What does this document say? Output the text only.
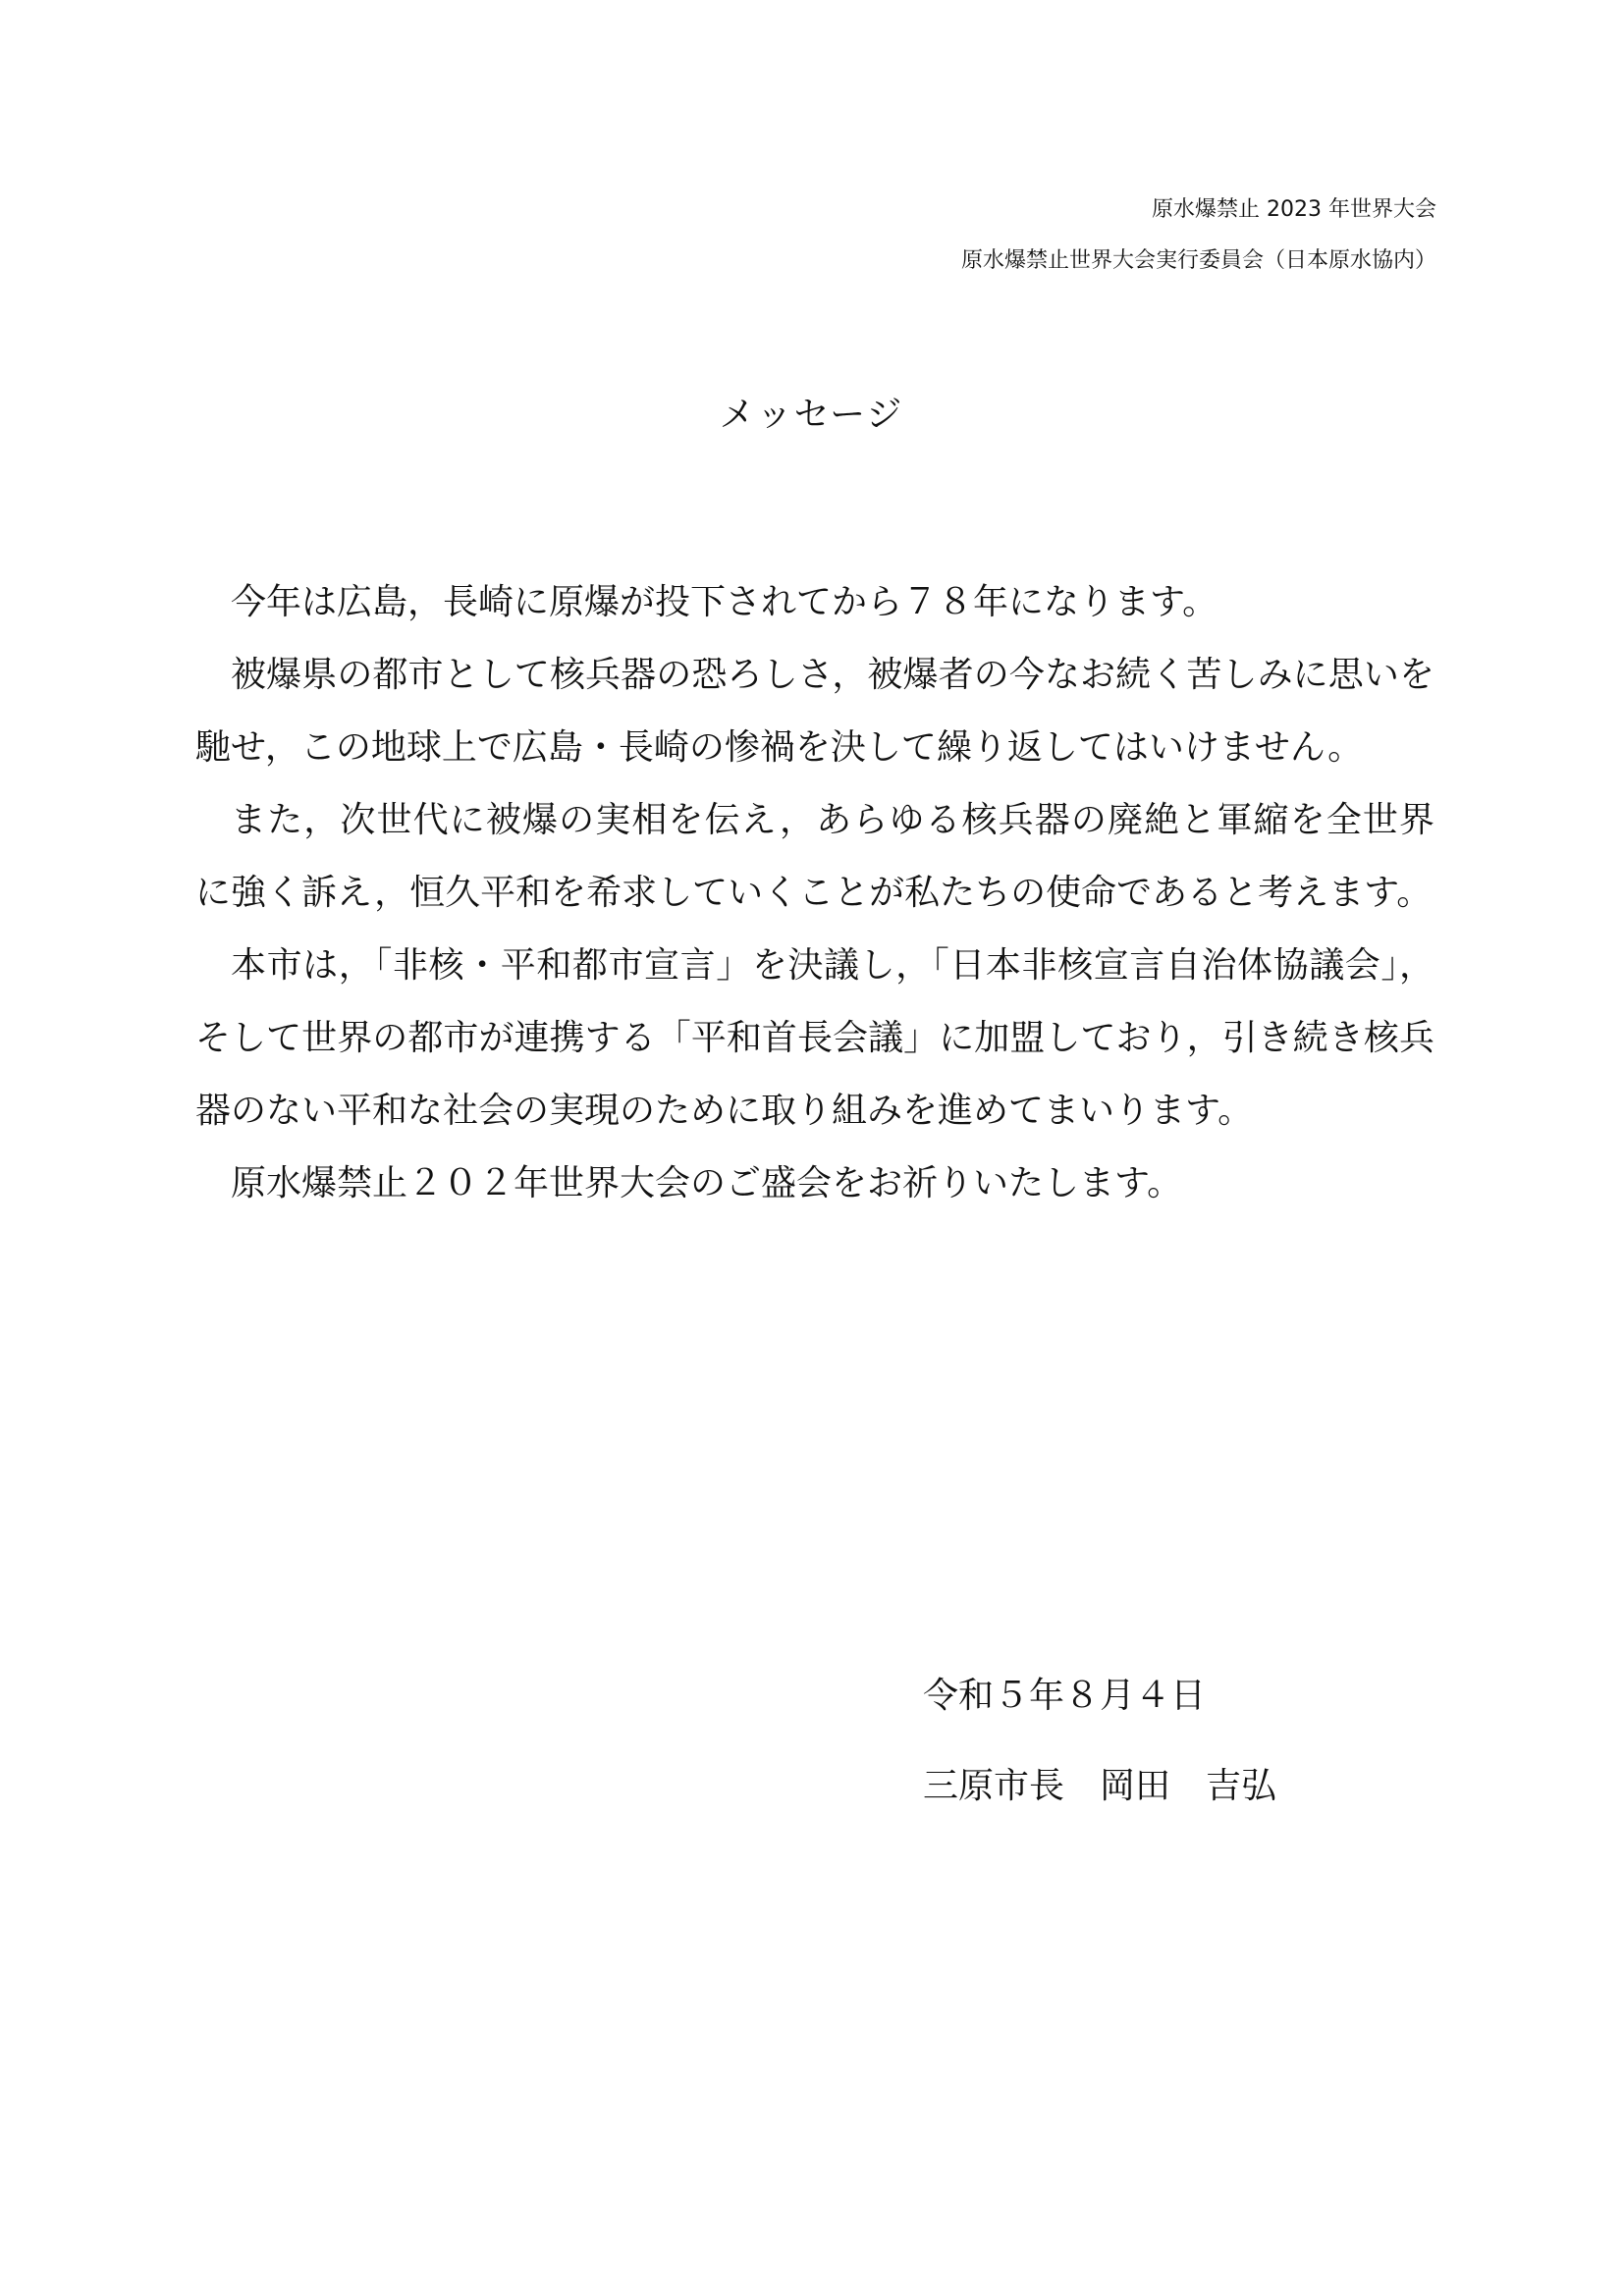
原水爆禁止 2023 年世界大会
原水爆禁止世界大会実行委員会（日本原水協内）
メッセージ

今年は広島，長崎に原爆が投下されてから７８年になります。

被爆県の都市として核兵器の恐ろしさ，被爆者の今なお続く苦しみに思いを馳せ，この地球上で広島・長崎の惨禍を決して繰り返してはいけません。

また，次世代に被爆の実相を伝え，あらゆる核兵器の廃絶と軍縮を全世界に強く訴え，恒久平和を希求していくことが私たちの使命であると考えます。

本市は，「非核・平和都市宣言」を決議し，「日本非核宣言自治体協議会」，そして世界の都市が連携する「平和首長会議」に加盟しており，引き続き核兵器のない平和な社会の実現のために取り組みを進めてまいります。

原水爆禁止２０２年世界大会のご盛会をお祈りいたします。

令和５年８月４日
三原市長　岡田　吉弘
